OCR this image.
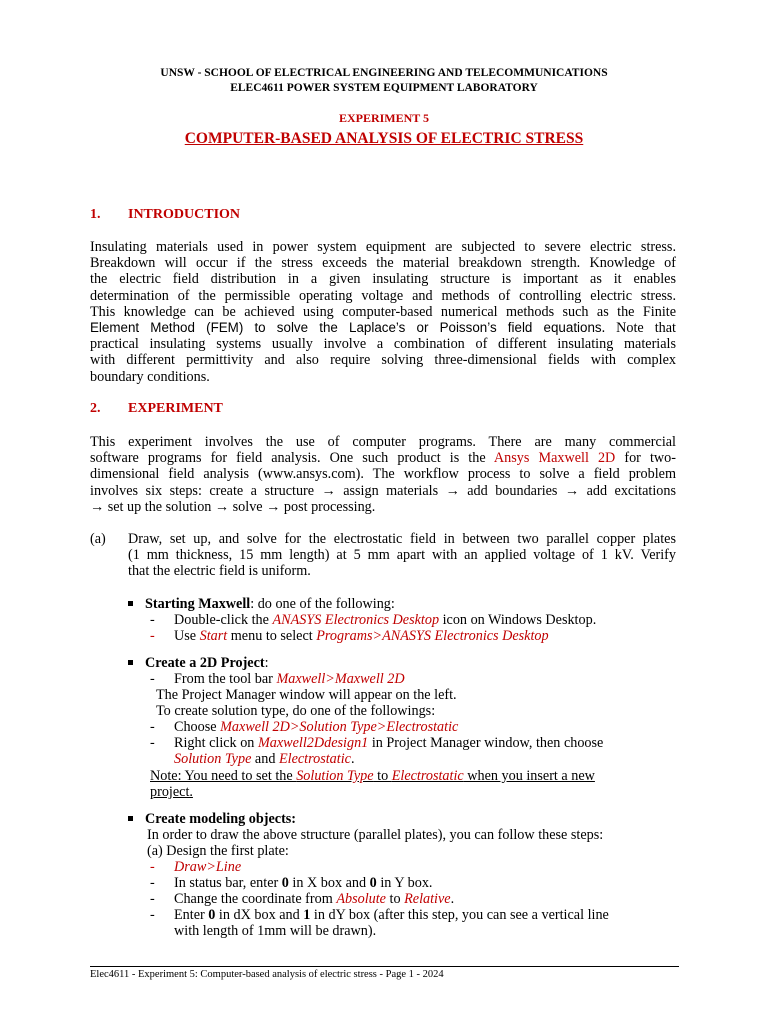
UNSW - SCHOOL OF ELECTRICAL ENGINEERING AND TELECOMMUNICATIONS
ELEC4611 POWER SYSTEM EQUIPMENT LABORATORY
EXPERIMENT 5
COMPUTER-BASED ANALYSIS OF ELECTRIC STRESS
1. INTRODUCTION
Insulating materials used in power system equipment are subjected to severe electric stress.
Breakdown will occur if the stress exceeds the material breakdown strength. Knowledge of
the electric field distribution in a given insulating structure is important as it enables
determination of the permissible operating voltage and methods of controlling electric stress.
This knowledge can be achieved using computer-based numerical methods such as the Finite
Element Method (FEM) to solve the Laplace’s or Poisson’s field equations. Note that
practical insulating systems usually involve a combination of different insulating materials
with different permittivity and also require solving three-dimensional fields with complex
boundary conditions.
2. EXPERIMENT
This experiment involves the use of computer programs. There are many commercial
software programs for field analysis. One such product is the Ansys Maxwell 2D for two-
dimensional field analysis (www.ansys.com). The workflow process to solve a field problem
involves six steps: create a structure → assign materials → add boundaries → add excitations
→ set up the solution → solve → post processing.
(a) Draw, set up, and solve for the electrostatic field in between two parallel copper plates
(1 mm thickness, 15 mm length) at 5 mm apart with an applied voltage of 1 kV. Verify
that the electric field is uniform.
Starting Maxwell: do one of the following:
- Double-click the ANASYS Electronics Desktop icon on Windows Desktop.
- Use Start menu to select Programs>ANASYS Electronics Desktop
Create a 2D Project:
- From the tool bar Maxwell>Maxwell 2D
The Project Manager window will appear on the left.
To create solution type, do one of the followings:
- Choose Maxwell 2D>Solution Type>Electrostatic
- Right click on Maxwell2Ddesign1 in Project Manager window, then choose
Solution Type and Electrostatic.
Note: You need to set the Solution Type to Electrostatic when you insert a new
project.
Create modeling objects:
In order to draw the above structure (parallel plates), you can follow these steps:
(a) Design the first plate:
- Draw>Line
- In status bar, enter 0 in X box and 0 in Y box.
- Change the coordinate from Absolute to Relative.
- Enter 0 in dX box and 1 in dY box (after this step, you can see a vertical line
with length of 1mm will be drawn).
Elec4611 - Experiment 5: Computer-based analysis of electric stress - Page 1 - 2024
